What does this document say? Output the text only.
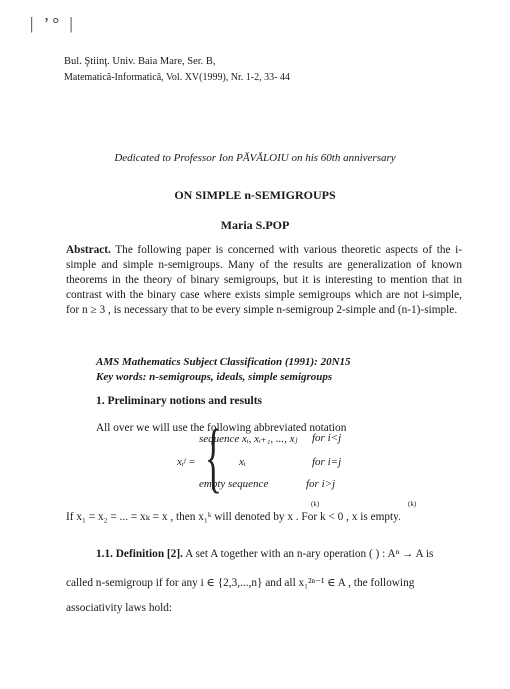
| ’° |
Bul. Ştiinţ. Univ. Baia Mare, Ser. B,
Matematică-Informatică, Vol. XV(1999), Nr. 1-2, 33- 44
Dedicated to Professor Ion PĂVĂLOIU on his 60th anniversary
ON SIMPLE n-SEMIGROUPS
Maria S.POP
Abstract. The following paper is concerned with various theoretic aspects of the i-simple and simple n-semigroups. Many of the results are generalization of known theorems in the theory of binary semigroups, but it is interesting to mention that in contrast with the binary case where exists simple semigroups which are not i-simple, for n ≥ 3 , is necessary that to be every simple n-semigroup 2-simple and (n-1)-simple.
AMS Mathematics Subject Classification (1991): 20N15
Key words: n-semigroups, ideals, simple semigroups
1. Preliminary notions and results
All over we will use the following abbreviated notation
xᵢʲ = {
sequence xᵢ, xᵢ₊₁, ..., xⱼ for i<j
xᵢ	for i=j
empty sequence	for i>j
If x₁ = x₂ = ... = xₖ = x , then x₁ᵏ will denoted by x . For k < 0 , x is empty.
(k)	(k)
1.1. Definition [2]. A set A together with an n-ary operation ( ) : Aⁿ → A is
called n-semigroup if for any i ∈ {2,3,...,n} and all x₁²ⁿ⁻¹ ∈ A , the following
associativity laws hold:
